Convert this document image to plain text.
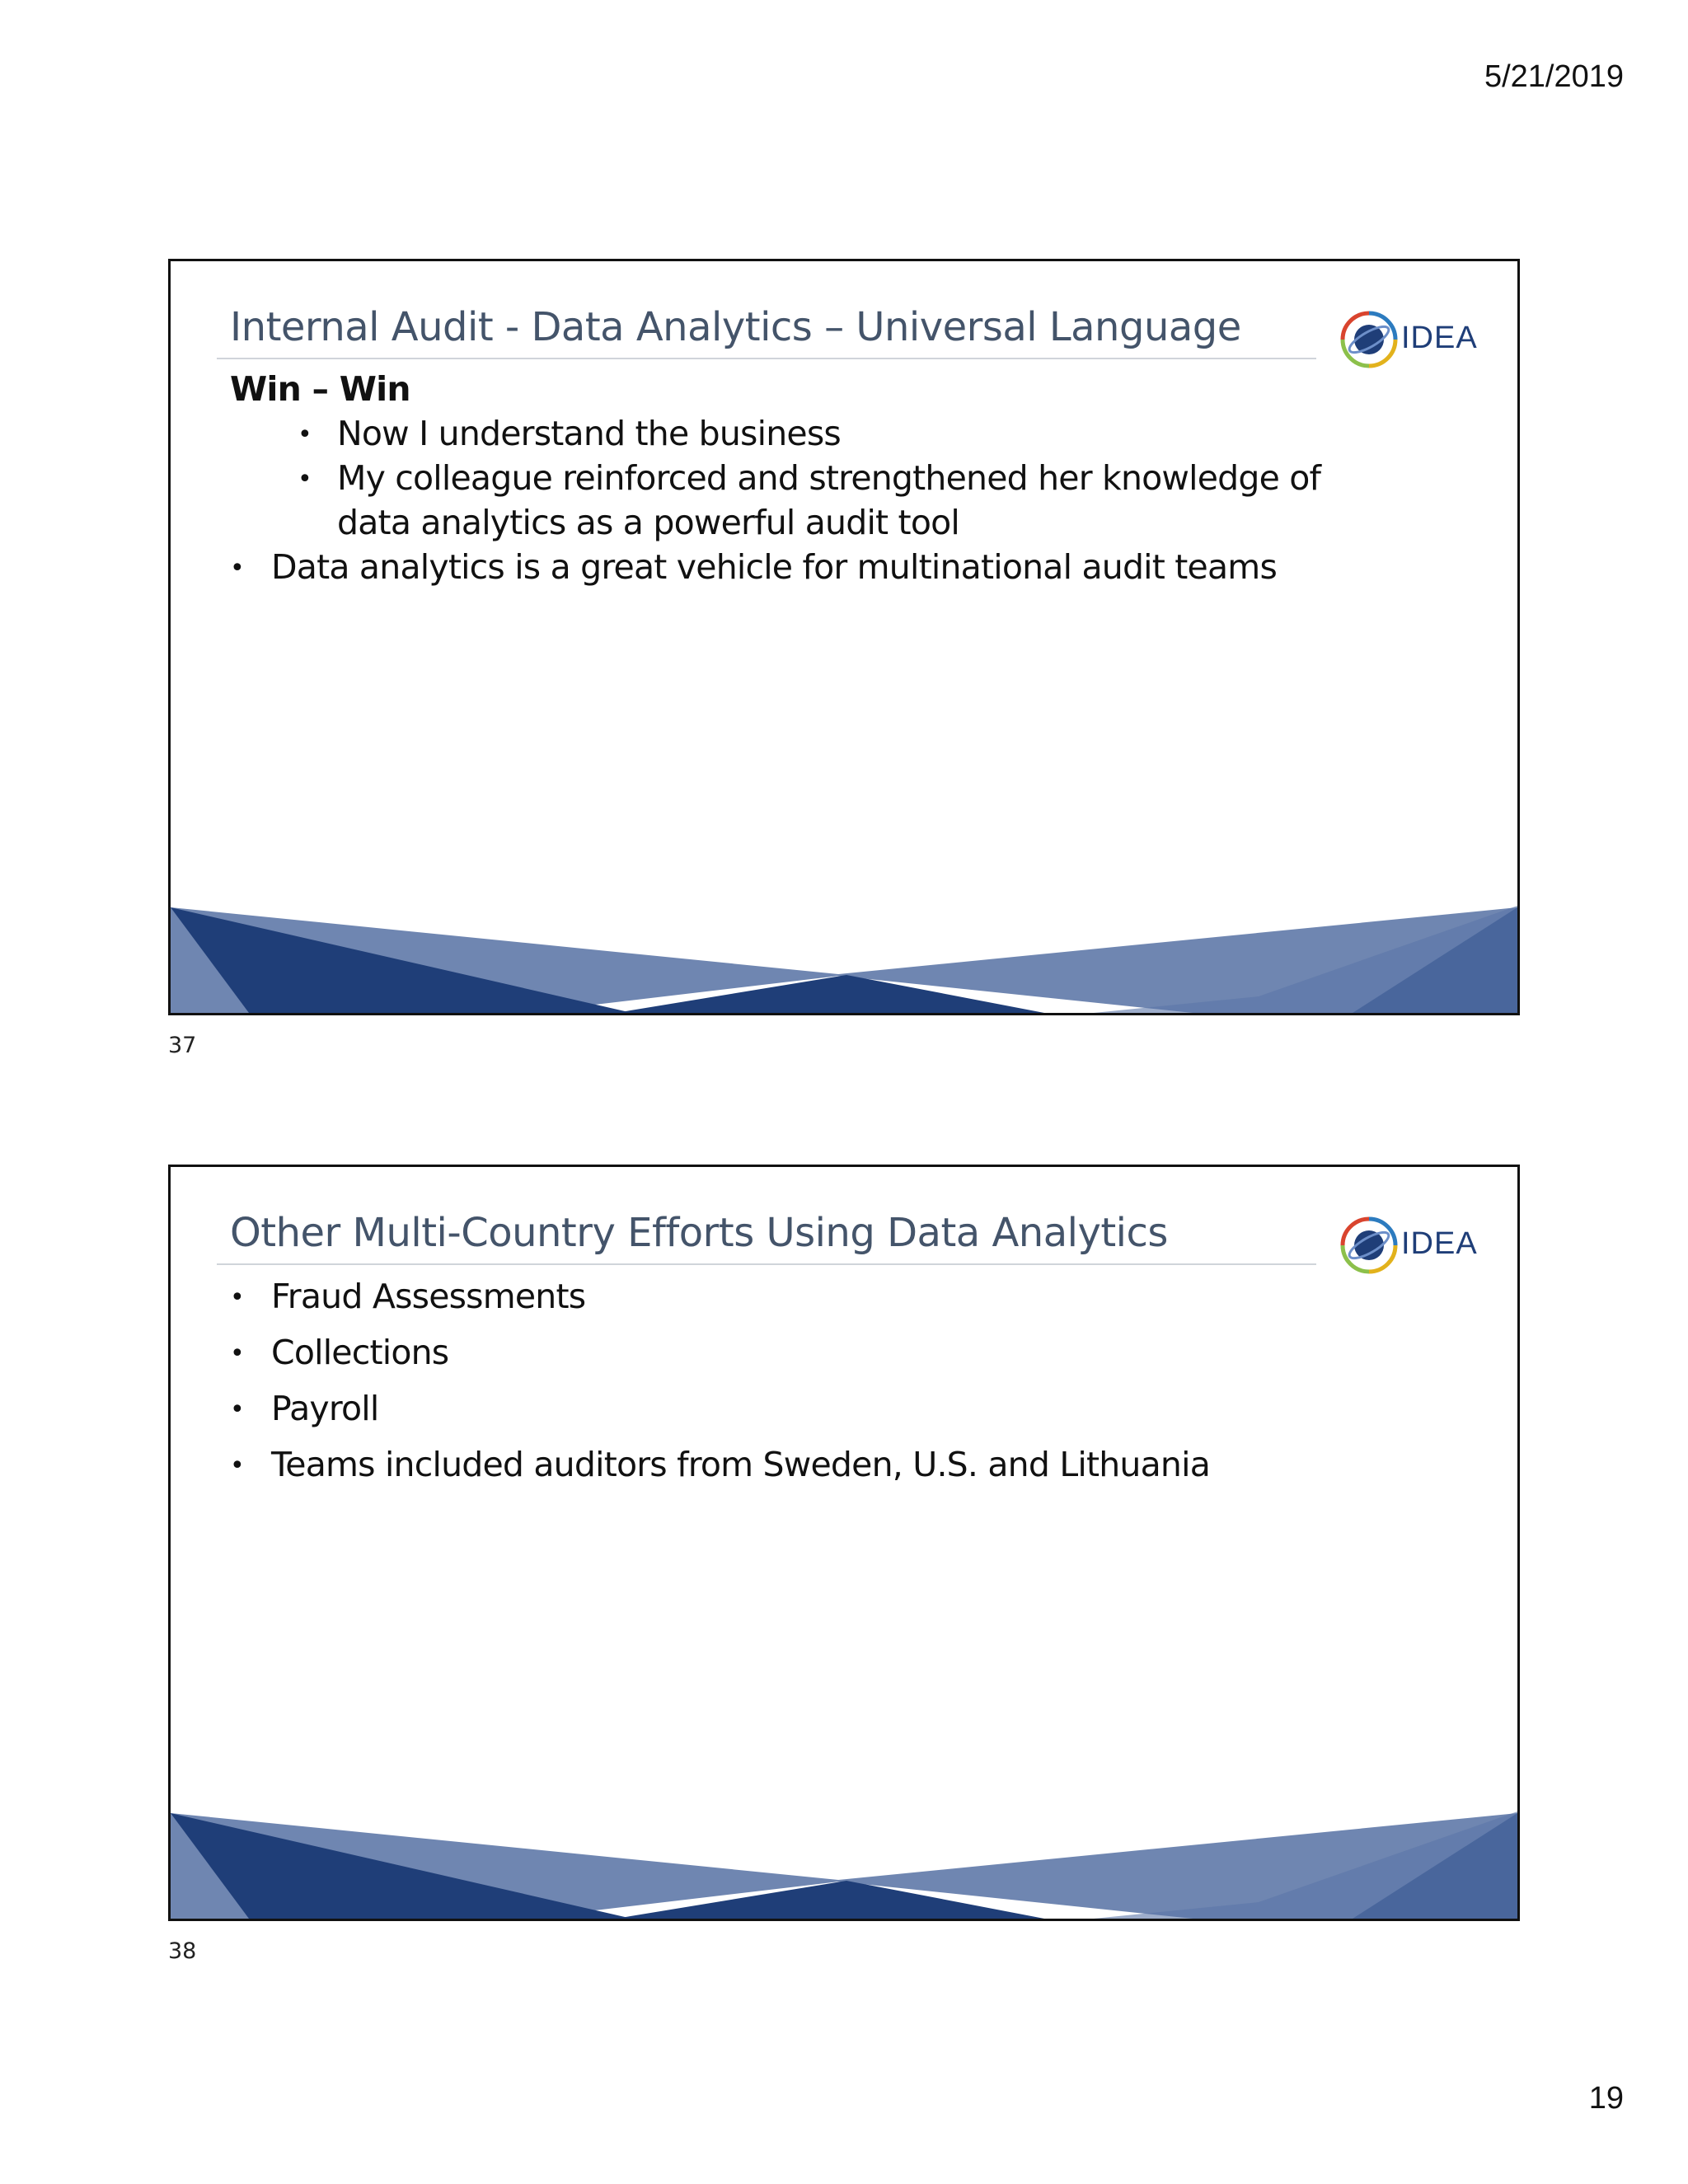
5/21/2019
Internal Audit - Data Analytics – Universal Language	IDEA
Win – Win
• Now I understand the business
• My colleague reinforced and strengthened her knowledge of
data analytics as a powerful audit tool
• Data analytics is a great vehicle for multinational audit teams
37
Other Multi-Country Efforts Using Data Analytics	IDEA
• Fraud Assessments
• Collections
• Payroll
• Teams included auditors from Sweden, U.S. and Lithuania
38
19
